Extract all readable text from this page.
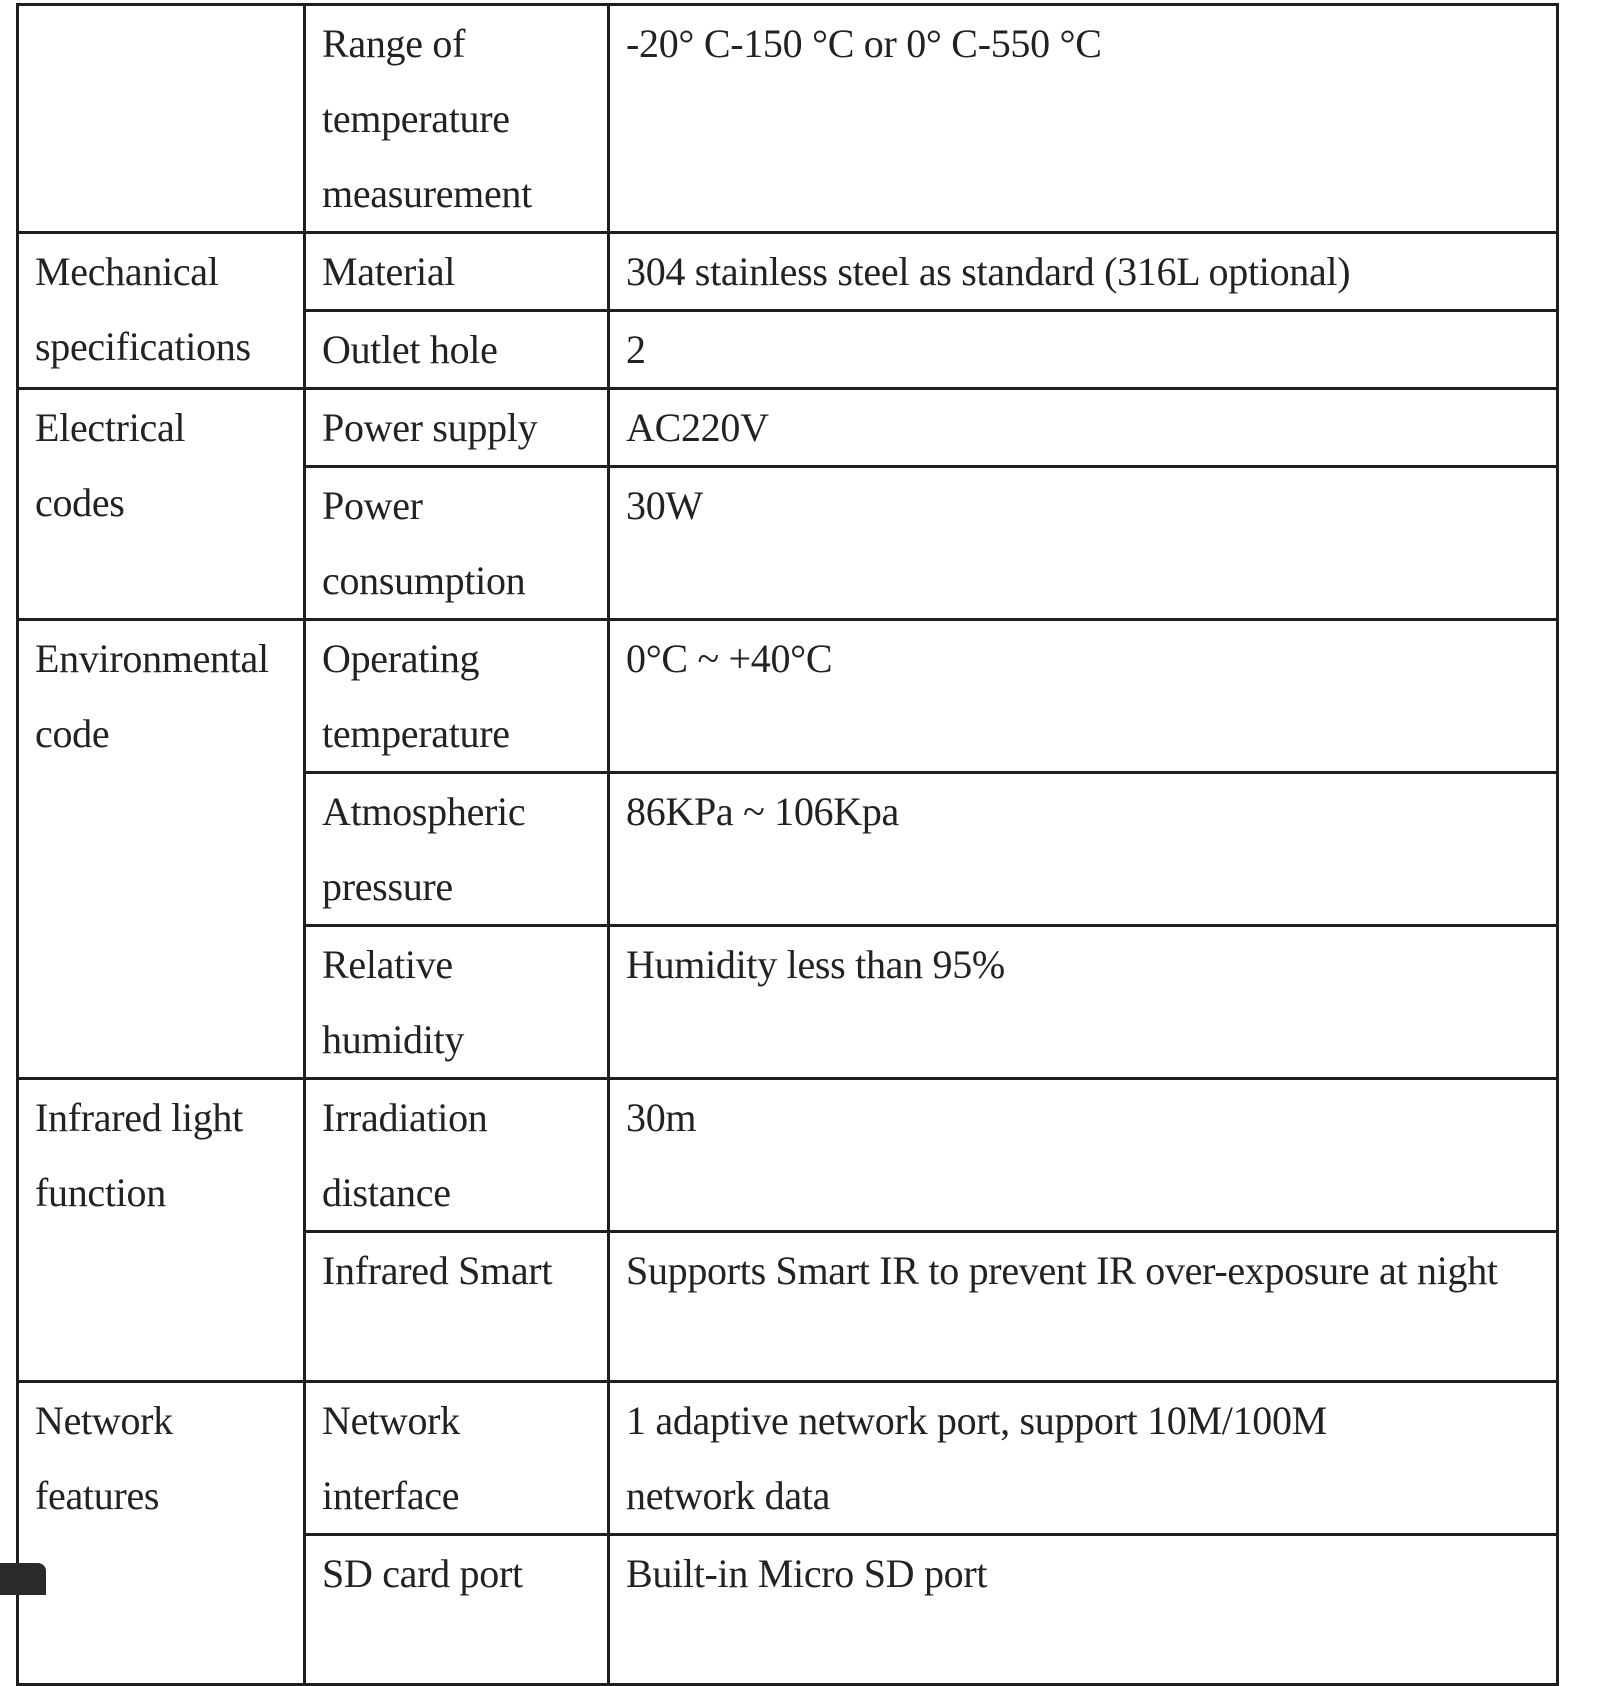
	Range of temperature measurement	-20° C-150 °C or 0° C-550 °C

Mechanical specifications	Material	304 stainless steel as standard (316L optional)

	Outlet hole	2

Electrical codes	Power supply	AC220V

	Power consumption	30W

Environmental code	Operating temperature	0°C ~ +40°C

	Atmospheric pressure	86KPa ~ 106Kpa

	Relative humidity	Humidity less than 95%

Infrared light function	Irradiation distance	30m

	Infrared Smart	Supports Smart IR to prevent IR over-exposure at night

Network features	Network interface	1 adaptive network port, support 10M/100M network data

	SD card port	Built-in Micro SD port
